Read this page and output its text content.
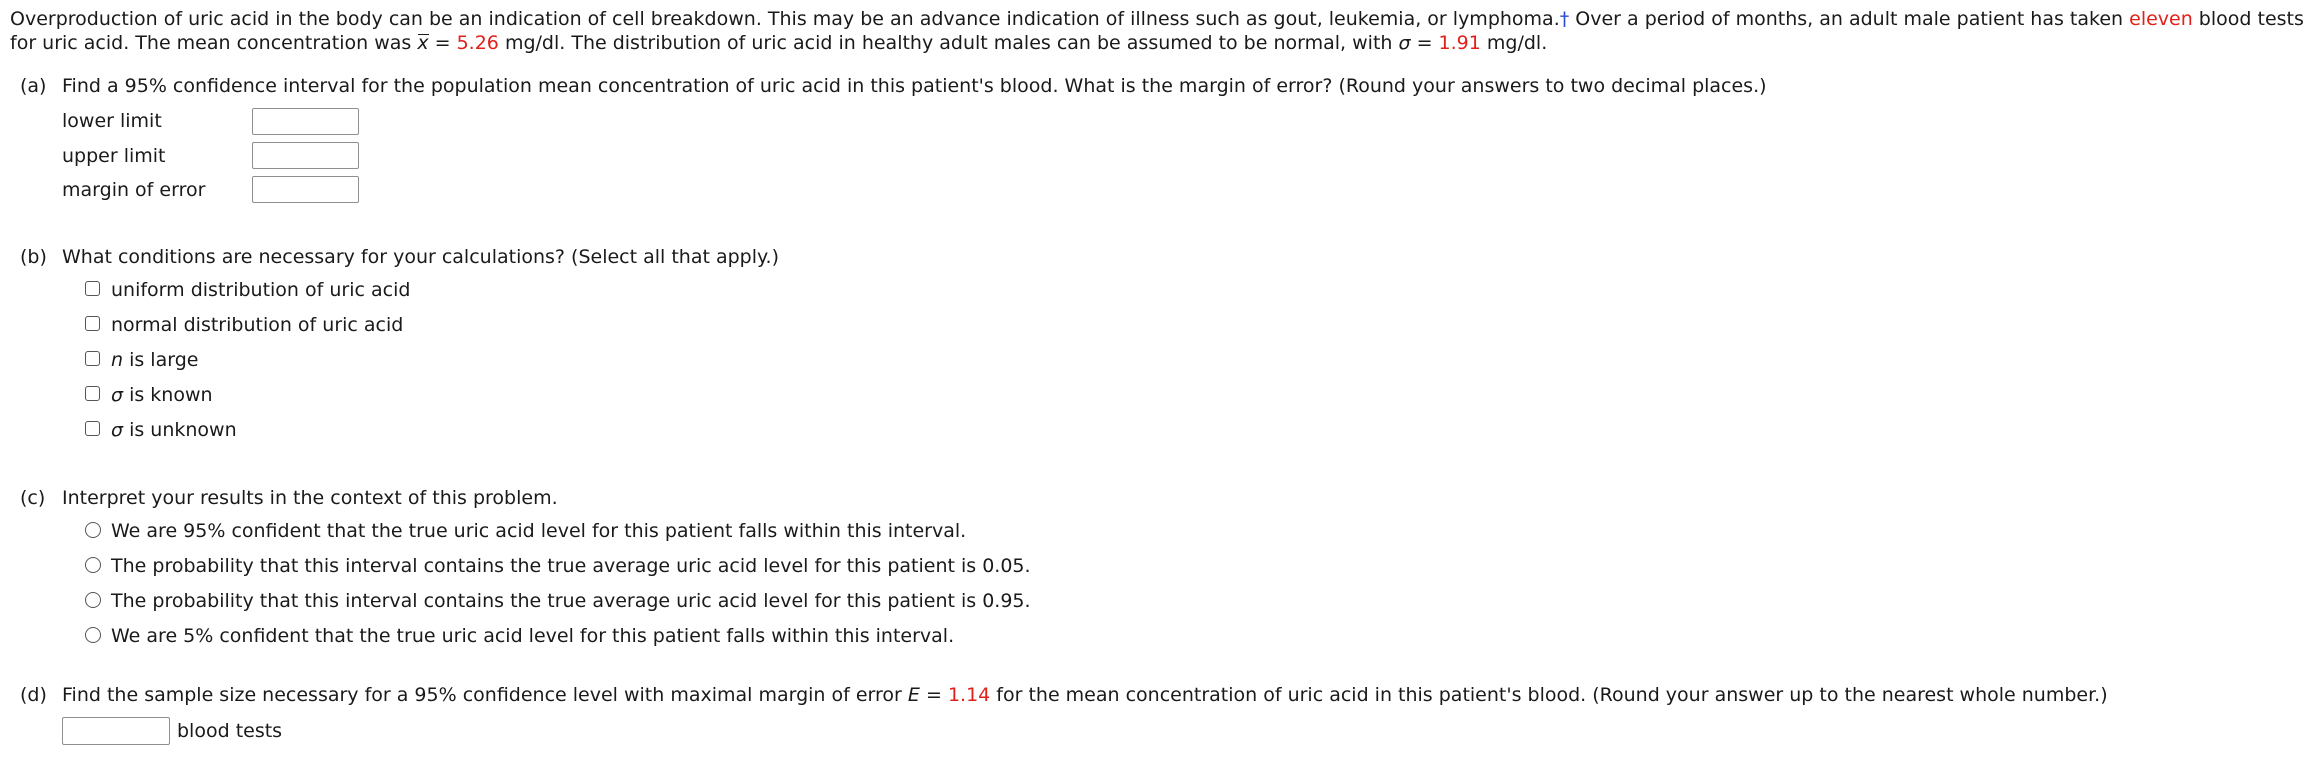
Overproduction of uric acid in the body can be an indication of cell breakdown. This may be an advance indication of illness such as gout, leukemia, or lymphoma.† Over a period of months, an adult male patient has taken eleven blood tests
for uric acid. The mean concentration was x = 5.26 mg/dl. The distribution of uric acid in healthy adult males can be assumed to be normal, with σ = 1.91 mg/dl.
(a) Find a 95% confidence interval for the population mean concentration of uric acid in this patient's blood. What is the margin of error? (Round your answers to two decimal places.)
lower limit
upper limit
margin of error
(b) What conditions are necessary for your calculations? (Select all that apply.)
uniform distribution of uric acid
normal distribution of uric acid
n is large
σ is known
σ is unknown
(c) Interpret your results in the context of this problem.
We are 95% confident that the true uric acid level for this patient falls within this interval.
The probability that this interval contains the true average uric acid level for this patient is 0.05.
The probability that this interval contains the true average uric acid level for this patient is 0.95.
We are 5% confident that the true uric acid level for this patient falls within this interval.
(d) Find the sample size necessary for a 95% confidence level with maximal margin of error E = 1.14 for the mean concentration of uric acid in this patient's blood. (Round your answer up to the nearest whole number.)
blood tests
